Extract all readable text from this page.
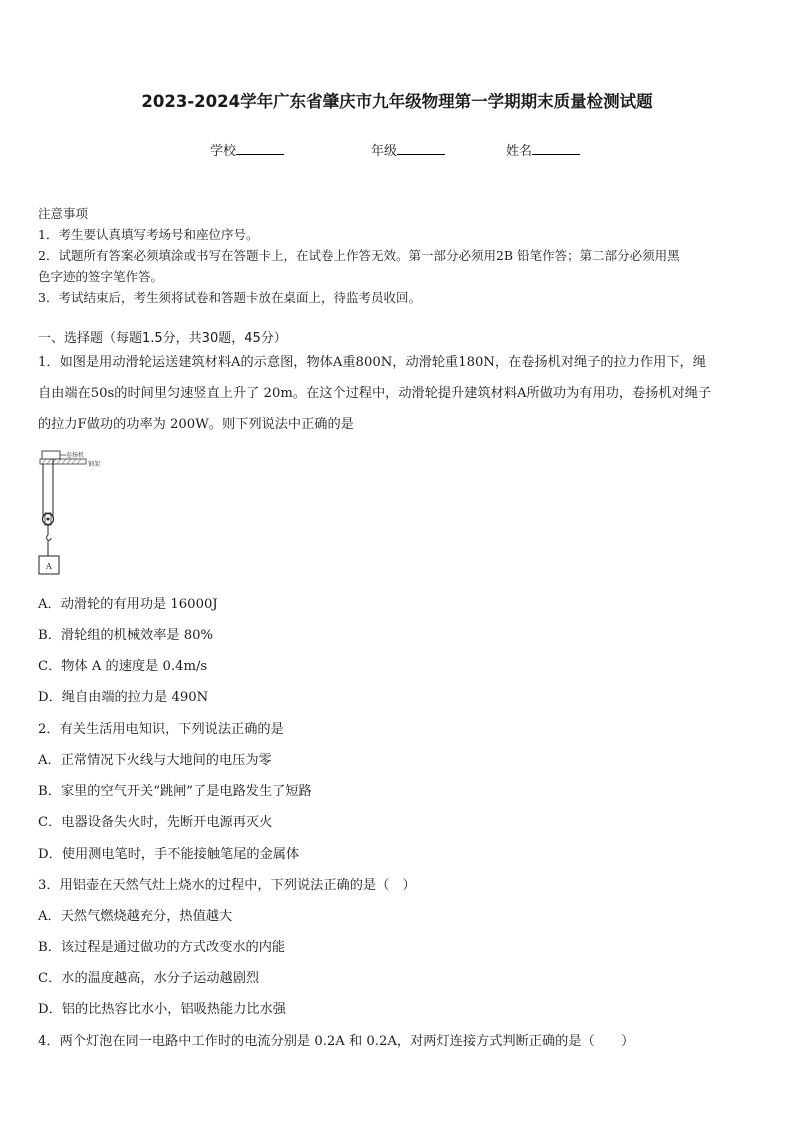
2023-2024学年广东省肇庆市九年级物理第一学期期末质量检测试题
学校	年级	姓名
注意事项
1．考生要认真填写考场号和座位序号。
2．试题所有答案必须填涂或书写在答题卡上，在试卷上作答无效。第一部分必须用2B 铅笔作答；第二部分必须用黑
色字迹的签字笔作答。
3．考试结束后，考生须将试卷和答题卡放在桌面上，待监考员收回。
一、选择题（每题1.5分，共30题，45分）
1．如图是用动滑轮运送建筑材料A的示意图，物体A重800N，动滑轮重180N，在卷扬机对绳子的拉力作用下，绳
自由端在50s的时间里匀速竖直上升了 20m。在这个过程中，动滑轮提升建筑材料A所做功为有用功，卷扬机对绳子
的拉力F做功的功率为 200W。则下列说法中正确的是
卷扬机
钢架
A
A．动滑轮的有用功是 16000J
B．滑轮组的机械效率是 80%
C．物体 A 的速度是 0.4m/s
D．绳自由端的拉力是 490N
2．有关生活用电知识，下列说法正确的是
A．正常情况下火线与大地间的电压为零
B．家里的空气开关“跳闸”了是电路发生了短路
C．电器设备失火时，先断开电源再灭火
D．使用测电笔时，手不能接触笔尾的金属体
3．用铝壶在天然气灶上烧水的过程中，下列说法正确的是（　）
A．天然气燃烧越充分，热值越大
B．该过程是通过做功的方式改变水的内能
C．水的温度越高，水分子运动越剧烈
D．铝的比热容比水小，铝吸热能力比水强
4．两个灯泡在同一电路中工作时的电流分别是 0.2A 和 0.2A，对两灯连接方式判断正确的是（　　）
